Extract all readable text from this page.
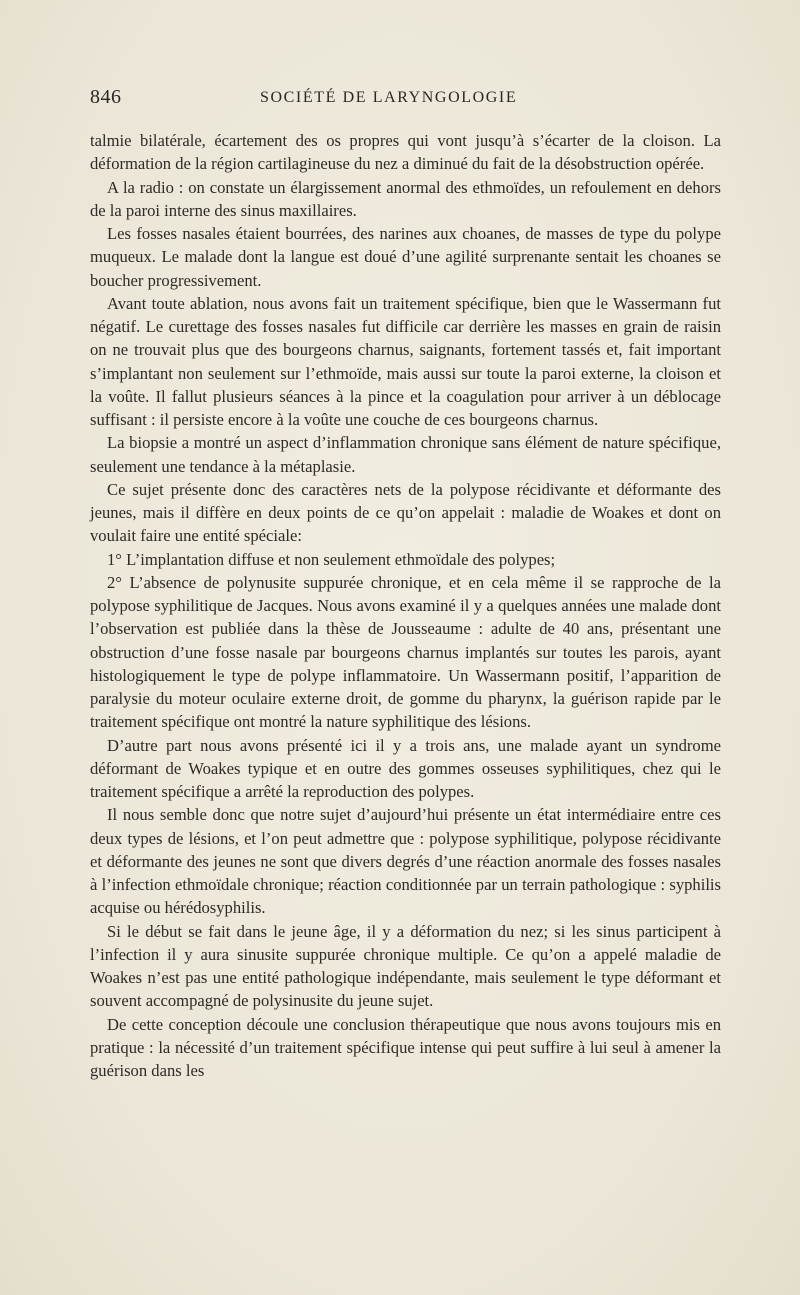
846	SOCIÉTÉ DE LARYNGOLOGIE

talmie bilatérale, écartement des os propres qui vont jusqu’à s’écarter de la cloison. La déformation de la région cartilagineuse du nez a diminué du fait de la désobstruction opérée.

A la radio : on constate un élargissement anormal des ethmoïdes, un refoulement en dehors de la paroi interne des sinus maxillaires.

Les fosses nasales étaient bourrées, des narines aux choanes, de masses de type du polype muqueux. Le malade dont la langue est doué d’une agilité surprenante sentait les choanes se boucher progressivement.

Avant toute ablation, nous avons fait un traitement spécifique, bien que le Wassermann fut négatif. Le curettage des fosses nasales fut difficile car derrière les masses en grain de raisin on ne trouvait plus que des bourgeons charnus, saignants, fortement tassés et, fait important s’implantant non seulement sur l’ethmoïde, mais aussi sur toute la paroi externe, la cloison et la voûte. Il fallut plusieurs séances à la pince et la coagulation pour arriver à un déblocage suffisant : il persiste encore à la voûte une couche de ces bourgeons charnus.

La biopsie a montré un aspect d’inflammation chronique sans élément de nature spécifique, seulement une tendance à la métaplasie.

Ce sujet présente donc des caractères nets de la polypose récidivante et déformante des jeunes, mais il diffère en deux points de ce qu’on appelait : maladie de Woakes et dont on voulait faire une entité spéciale:

1° L’implantation diffuse et non seulement ethmoïdale des polypes;

2° L’absence de polynusite suppurée chronique, et en cela même il se rapproche de la polypose syphilitique de Jacques. Nous avons examiné il y a quelques années une malade dont l’observation est publiée dans la thèse de Jousseaume : adulte de 40 ans, présentant une obstruction d’une fosse nasale par bourgeons charnus implantés sur toutes les parois, ayant histologiquement le type de polype inflammatoire. Un Wassermann positif, l’apparition de paralysie du moteur oculaire externe droit, de gomme du pharynx, la guérison rapide par le traitement spécifique ont montré la nature syphilitique des lésions.

D’autre part nous avons présenté ici il y a trois ans, une malade ayant un syndrome déformant de Woakes typique et en outre des gommes osseuses syphilitiques, chez qui le traitement spécifique a arrêté la reproduction des polypes.

Il nous semble donc que notre sujet d’aujourd’hui présente un état intermédiaire entre ces deux types de lésions, et l’on peut admettre que : polypose syphilitique, polypose récidivante et déformante des jeunes ne sont que divers degrés d’une réaction anormale des fosses nasales à l’infection ethmoïdale chronique; réaction conditionnée par un terrain pathologique : syphilis acquise ou hérédosyphilis.

Si le début se fait dans le jeune âge, il y a déformation du nez; si les sinus participent à l’infection il y aura sinusite suppurée chronique multiple. Ce qu’on a appelé maladie de Woakes n’est pas une entité pathologique indépendante, mais seulement le type déformant et souvent accompagné de polysinusite du jeune sujet.

De cette conception découle une conclusion thérapeutique que nous avons toujours mis en pratique : la nécessité d’un traitement spécifique intense qui peut suffire à lui seul à amener la guérison dans les
